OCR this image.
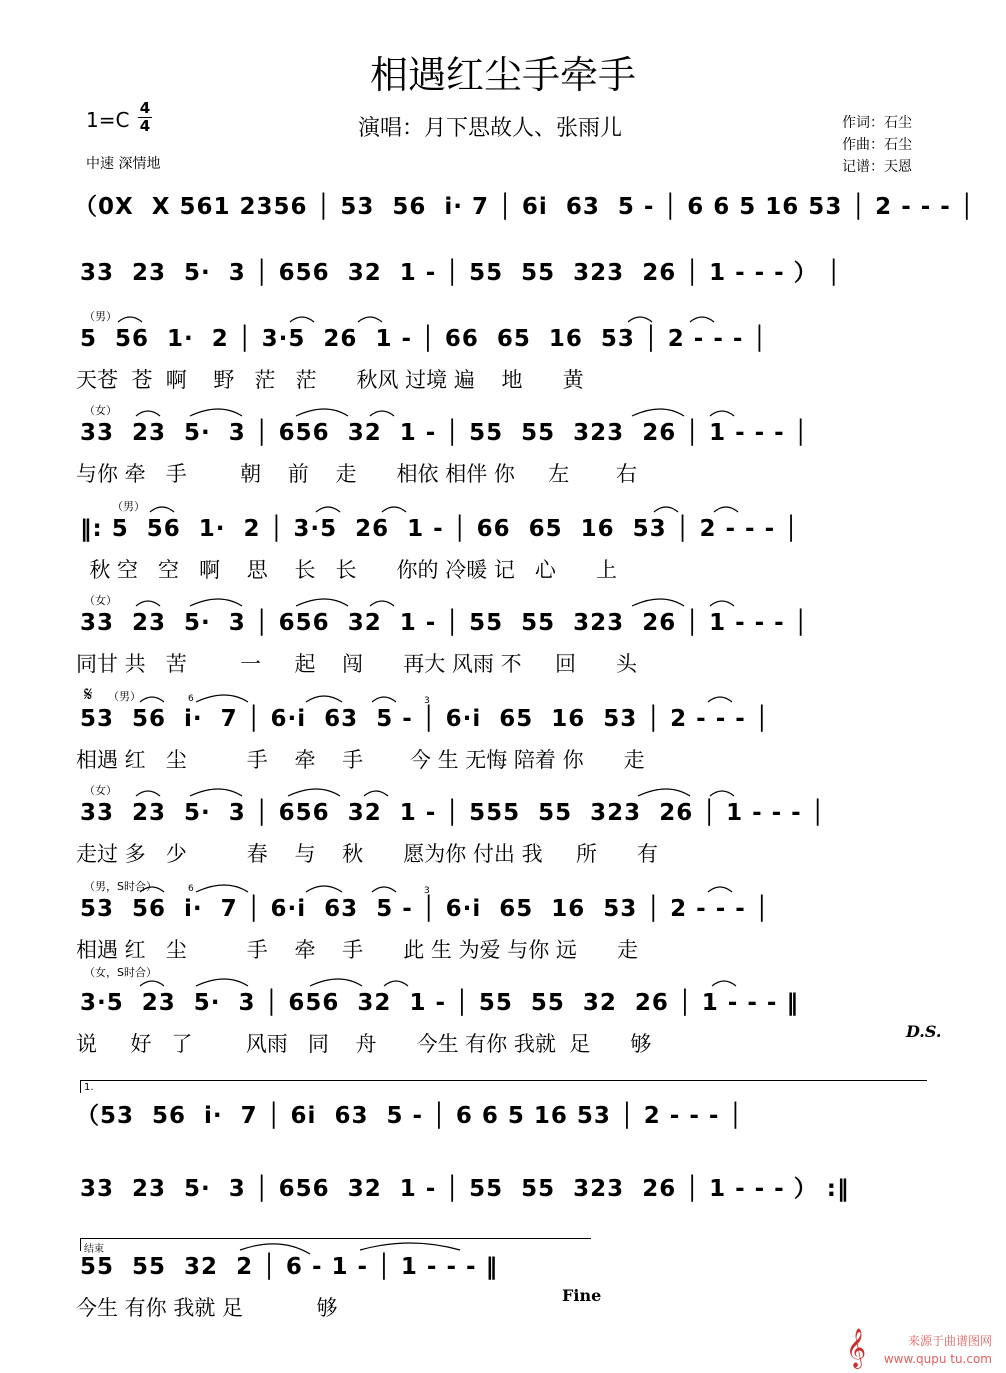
相遇红尘手牵手
$1=C \frac{4}{4}$	演唱：月下思故人、张雨儿	作词：石尘
作曲：石尘
记谱：天恩
中速 深情地
（0X  X 561 2356 │ 53  56  i· 7 │ 6i  63  5 - │ 6 6 5 16 53 │ 2 - - - │
33  23  5·  3 │ 656  32  1 - │ 55  55  323  26 │ 1 - - - ） │
（男）
5  56  1·  2 │ 3·5  26  1 - │ 66  65  16  53 │ 2 - - - │
天苍  苍  啊    野   茫   茫      秋风 过境 遍    地      黄
（女）
33  23  5·  3 │ 656  32  1 - │ 55  55  323  26 │ 1 - - - │
与你 牵   手        朝    前    走      相依 相伴 你     左       右
（男）
‖: 5  56  1·  2 │ 3·5  26  1 - │ 66  65  16  53 │ 2 - - - │
秋 空   空   啊    思    长   长      你的 冷暖 记   心      上
（女）
33  23  5·  3 │ 656  32  1 - │ 55  55  323  26 │ 1 - - - │
同甘 共   苦        一     起    闯      再大 风雨 不     回      头
（男）
𝄋	6	3
53  56  i·  7 │ 6·i  63  5 - │ 6·i  65  16  53 │ 2 - - - │
相遇 红   尘         手    牵    手       今 生 无悔 陪着 你      走
（女）
33  23  5·  3 │ 656  32  1 - │ 555  55  323  26 │ 1 - - - │
走过 多   少         春    与    秋      愿为你 付出 我     所      有
（男，S时合）	6	3
53  56  i·  7 │ 6·i  63  5 - │ 6·i  65  16  53 │ 2 - - - │
相遇 红   尘         手    牵    手      此 生 为爱 与你 远      走
（女，S时合）
3·5  23  5·  3 │ 656  32  1 - │ 55  55  32  26 │ 1 - - - ‖
说     好   了        风雨   同    舟      今生 有你 我就  足      够
D.S.
1.
（53  56  i·  7 │ 6i  63  5 - │ 6 6 5 16 53 │ 2 - - - │
33  23  5·  3 │ 656  32  1 - │ 55  55  323  26 │ 1 - - - ） :‖
结束
55  55  32  2 │ 6 - 1 - │ 1 - - - ‖
今生 有你 我就 足           够
Fine
𝄞	来源于曲谱图网
www.qupu tu.com
